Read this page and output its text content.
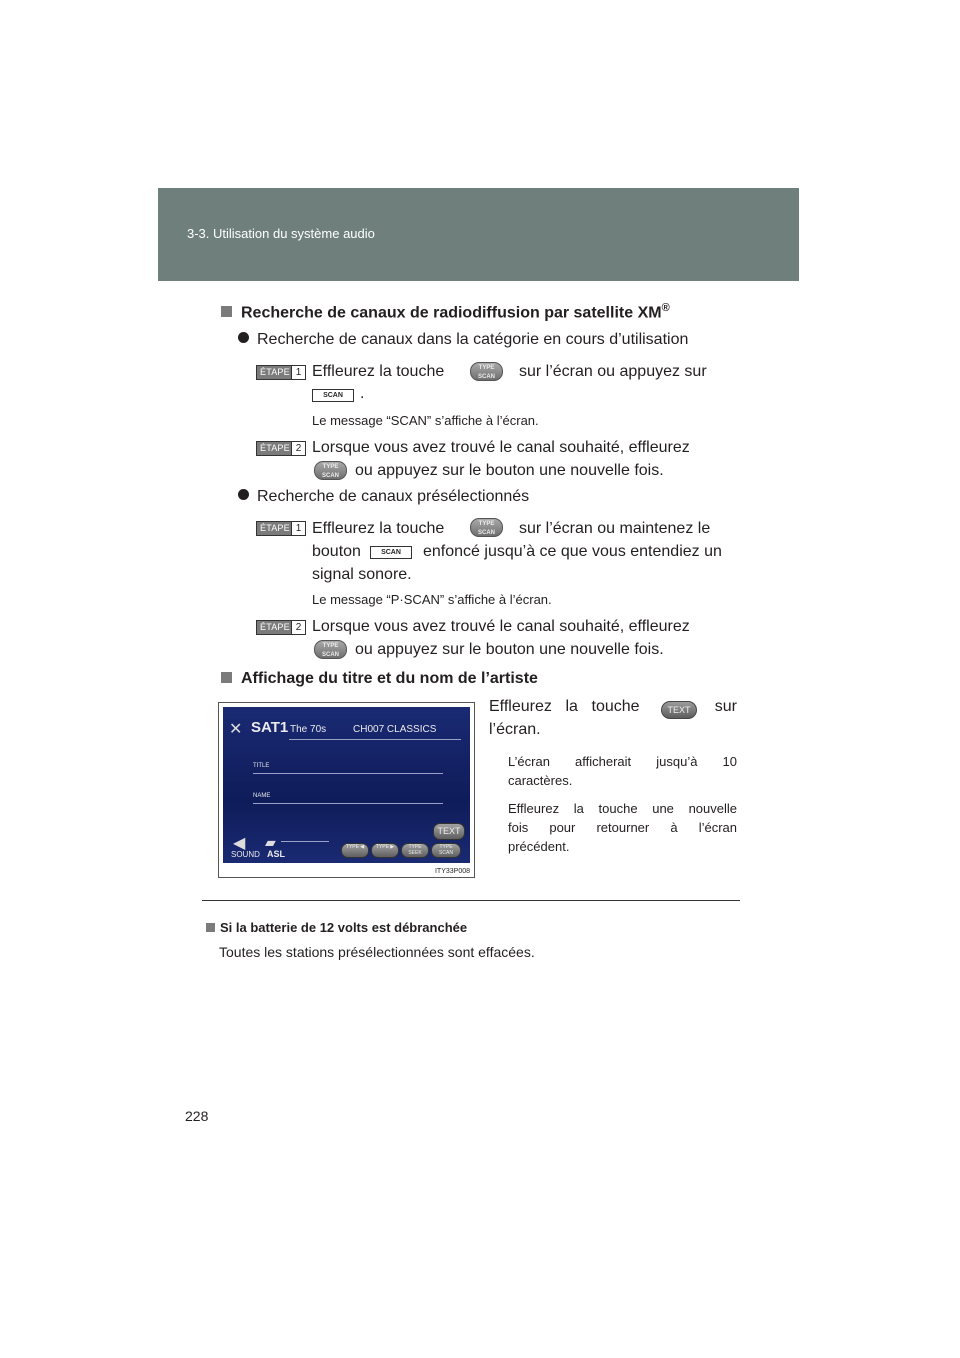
3-3. Utilisation du système audio
Recherche de canaux de radiodiffusion par satellite XM®
Recherche de canaux dans la catégorie en cours d’utilisation
ÉTAPE 1 Effleurez la touche	TYPE
SCAN	sur l’écran ou appuyez sur
SCAN	.
Le message “SCAN” s’affiche à l’écran.
ÉTAPE 2 Lorsque vous avez trouvé le canal souhaité, effleurez
TYPE
SCAN	ou appuyez sur le bouton une nouvelle fois.
Recherche de canaux présélectionnés
ÉTAPE 1 Effleurez la touche	TYPE
SCAN	sur l’écran ou maintenez le
bouton	SCAN	enfoncé jusqu’à ce que vous entendiez un
signal sonore.
Le message “P·SCAN” s’affiche à l’écran.
ÉTAPE 2 Lorsque vous avez trouvé le canal souhaité, effleurez
TYPE
SCAN	ou appuyez sur le bouton une nouvelle fois.
Affichage du titre et du nom de l’artiste
✕ SAT1 The 70s	CH007 CLASSICS
TITLE
NAME
TEXT
◀ ▰
SOUND ASL
TYPE ◀	TYPE ▶	TYPE SEEK
TYPE SCAN
ITY33P008
Effleurez la touche	sur
TEXT
l’écran.
L’écran afficherait jusqu’à 10
caractères.
Effleurez la touche une nouvelle
fois pour retourner à l’écran
précédent.
Si la batterie de 12 volts est débranchée
Toutes les stations présélectionnées sont effacées.
228
